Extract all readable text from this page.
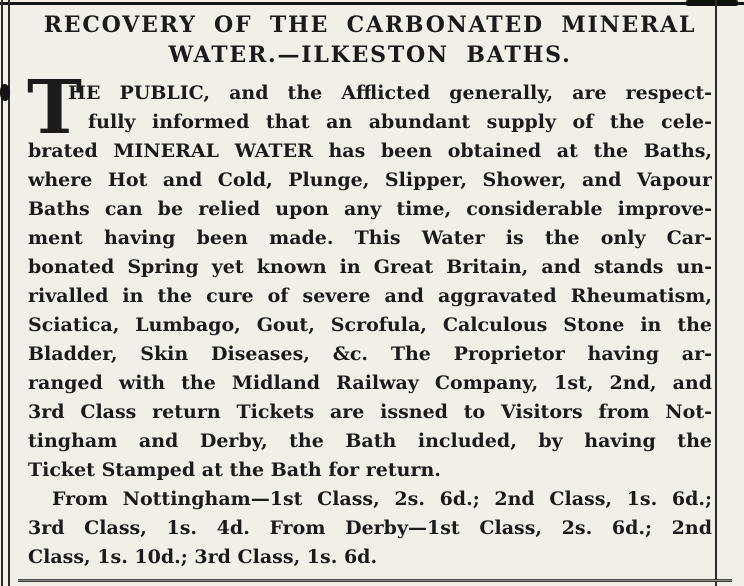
RECOVERY OF THE CARBONATED MINERAL
WATER.—ILKESTON BATHS.
T
HE PUBLIC, and the Afflicted generally, are respect-
fully informed that an abundant supply of the cele-
brated MINERAL WATER has been obtained at the Baths,
where Hot and Cold, Plunge, Slipper, Shower, and Vapour
Baths can be relied upon any time, considerable improve-
ment having been made. This Water is the only Car-
bonated Spring yet known in Great Britain, and stands un-
rivalled in the cure of severe and aggravated Rheumatism,
Sciatica, Lumbago, Gout, Scrofula, Calculous Stone in the
Bladder, Skin Diseases, &c. The Proprietor having ar-
ranged with the Midland Railway Company, 1st, 2nd, and
3rd Class return Tickets are issned to Visitors from Not-
tingham and Derby, the Bath included, by having the
Ticket Stamped at the Bath for return.
From Nottingham—1st Class, 2s. 6d.; 2nd Class, 1s. 6d.;
3rd Class, 1s. 4d. From Derby—1st Class, 2s. 6d.; 2nd
Class, 1s. 10d.; 3rd Class, 1s. 6d.
